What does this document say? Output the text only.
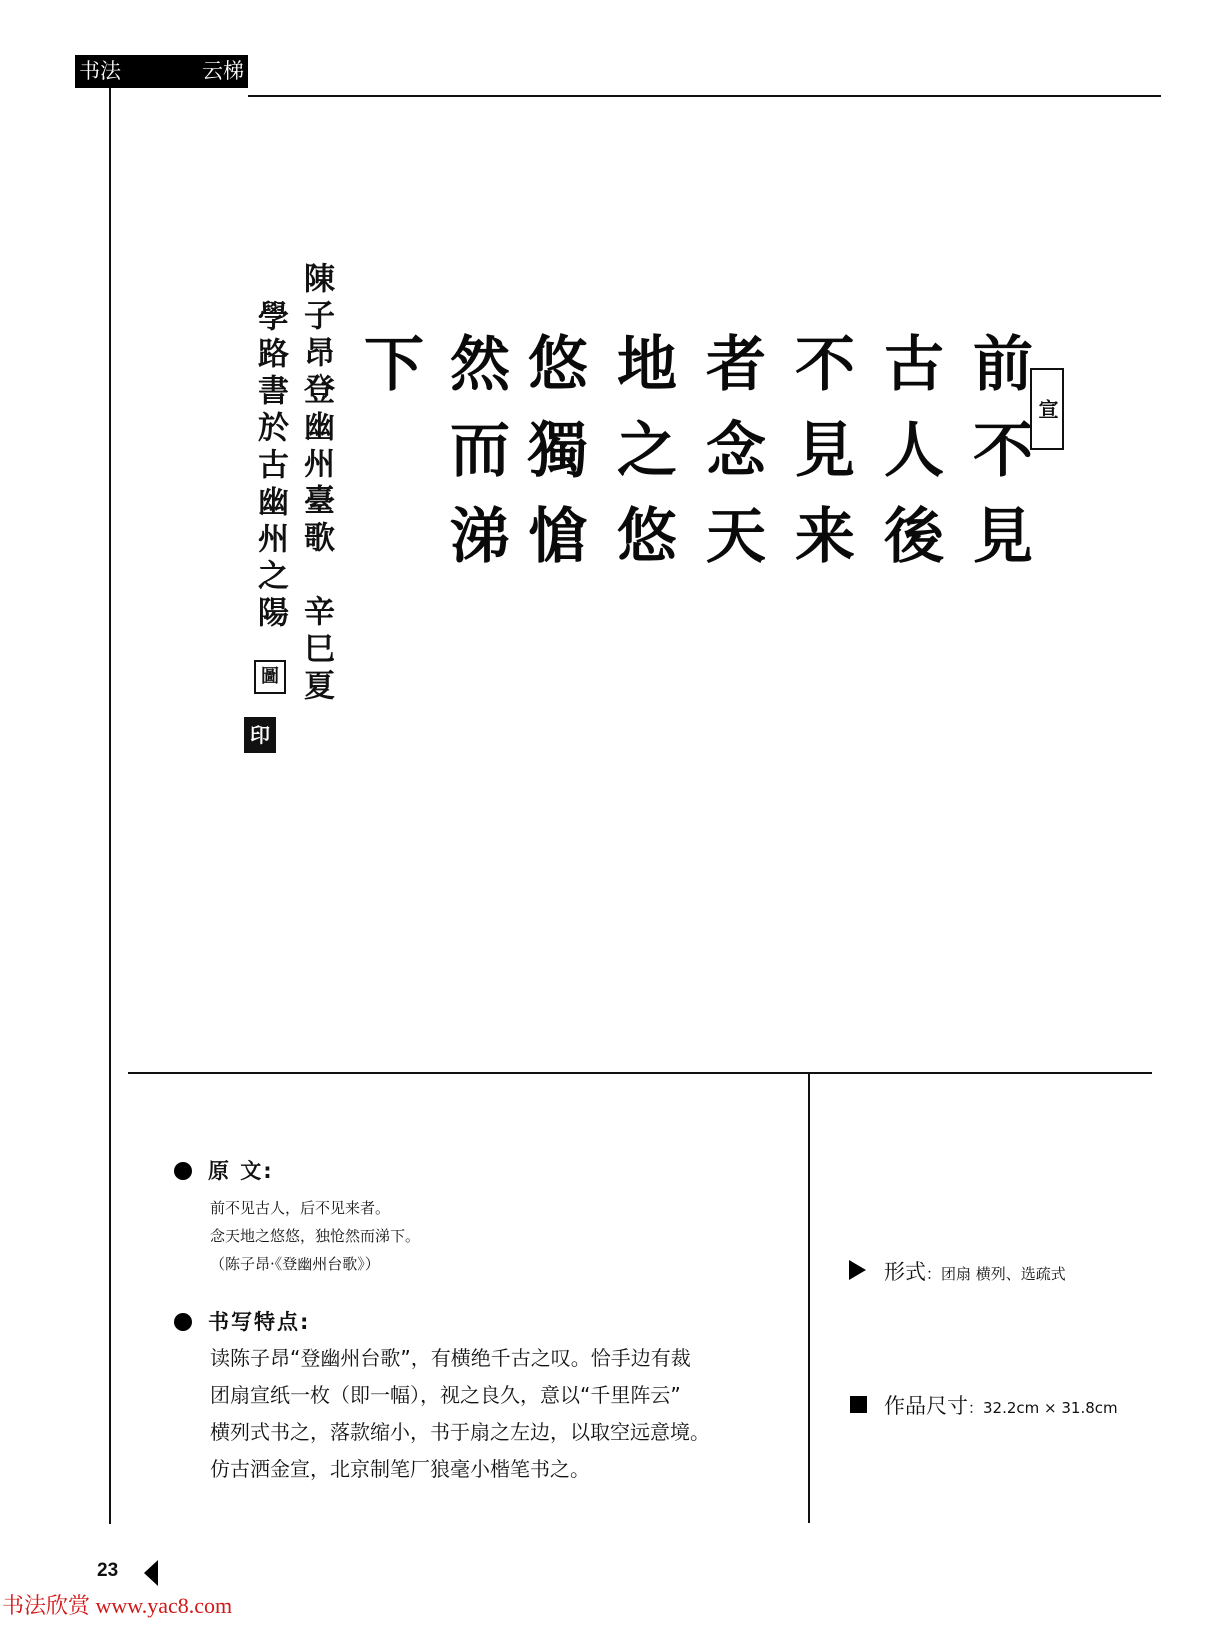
书法	云梯
宣
前不見
古人後
不見来
者念天
地之悠
悠獨愴
然而涕
下
陳子昂登幽州臺歌　辛巳夏
學路書於古幽州之陽
圖
印
原 文:
前不见古人，后不见来者。
念天地之悠悠，独怆然而涕下。
（陈子昂·《登幽州台歌》）
书写特点:
读陈子昂“登幽州台歌”，有横绝千古之叹。恰手边有裁
团扇宣纸一枚（即一幅），视之良久，意以“千里阵云”
横列式书之，落款缩小，书于扇之左边，以取空远意境。
仿古洒金宣，北京制笔厂狼毫小楷笔书之。
形式：团扇 横列、选疏式
作品尺寸：32.2cm × 31.8cm
23
书法欣赏 www.yac8.com
